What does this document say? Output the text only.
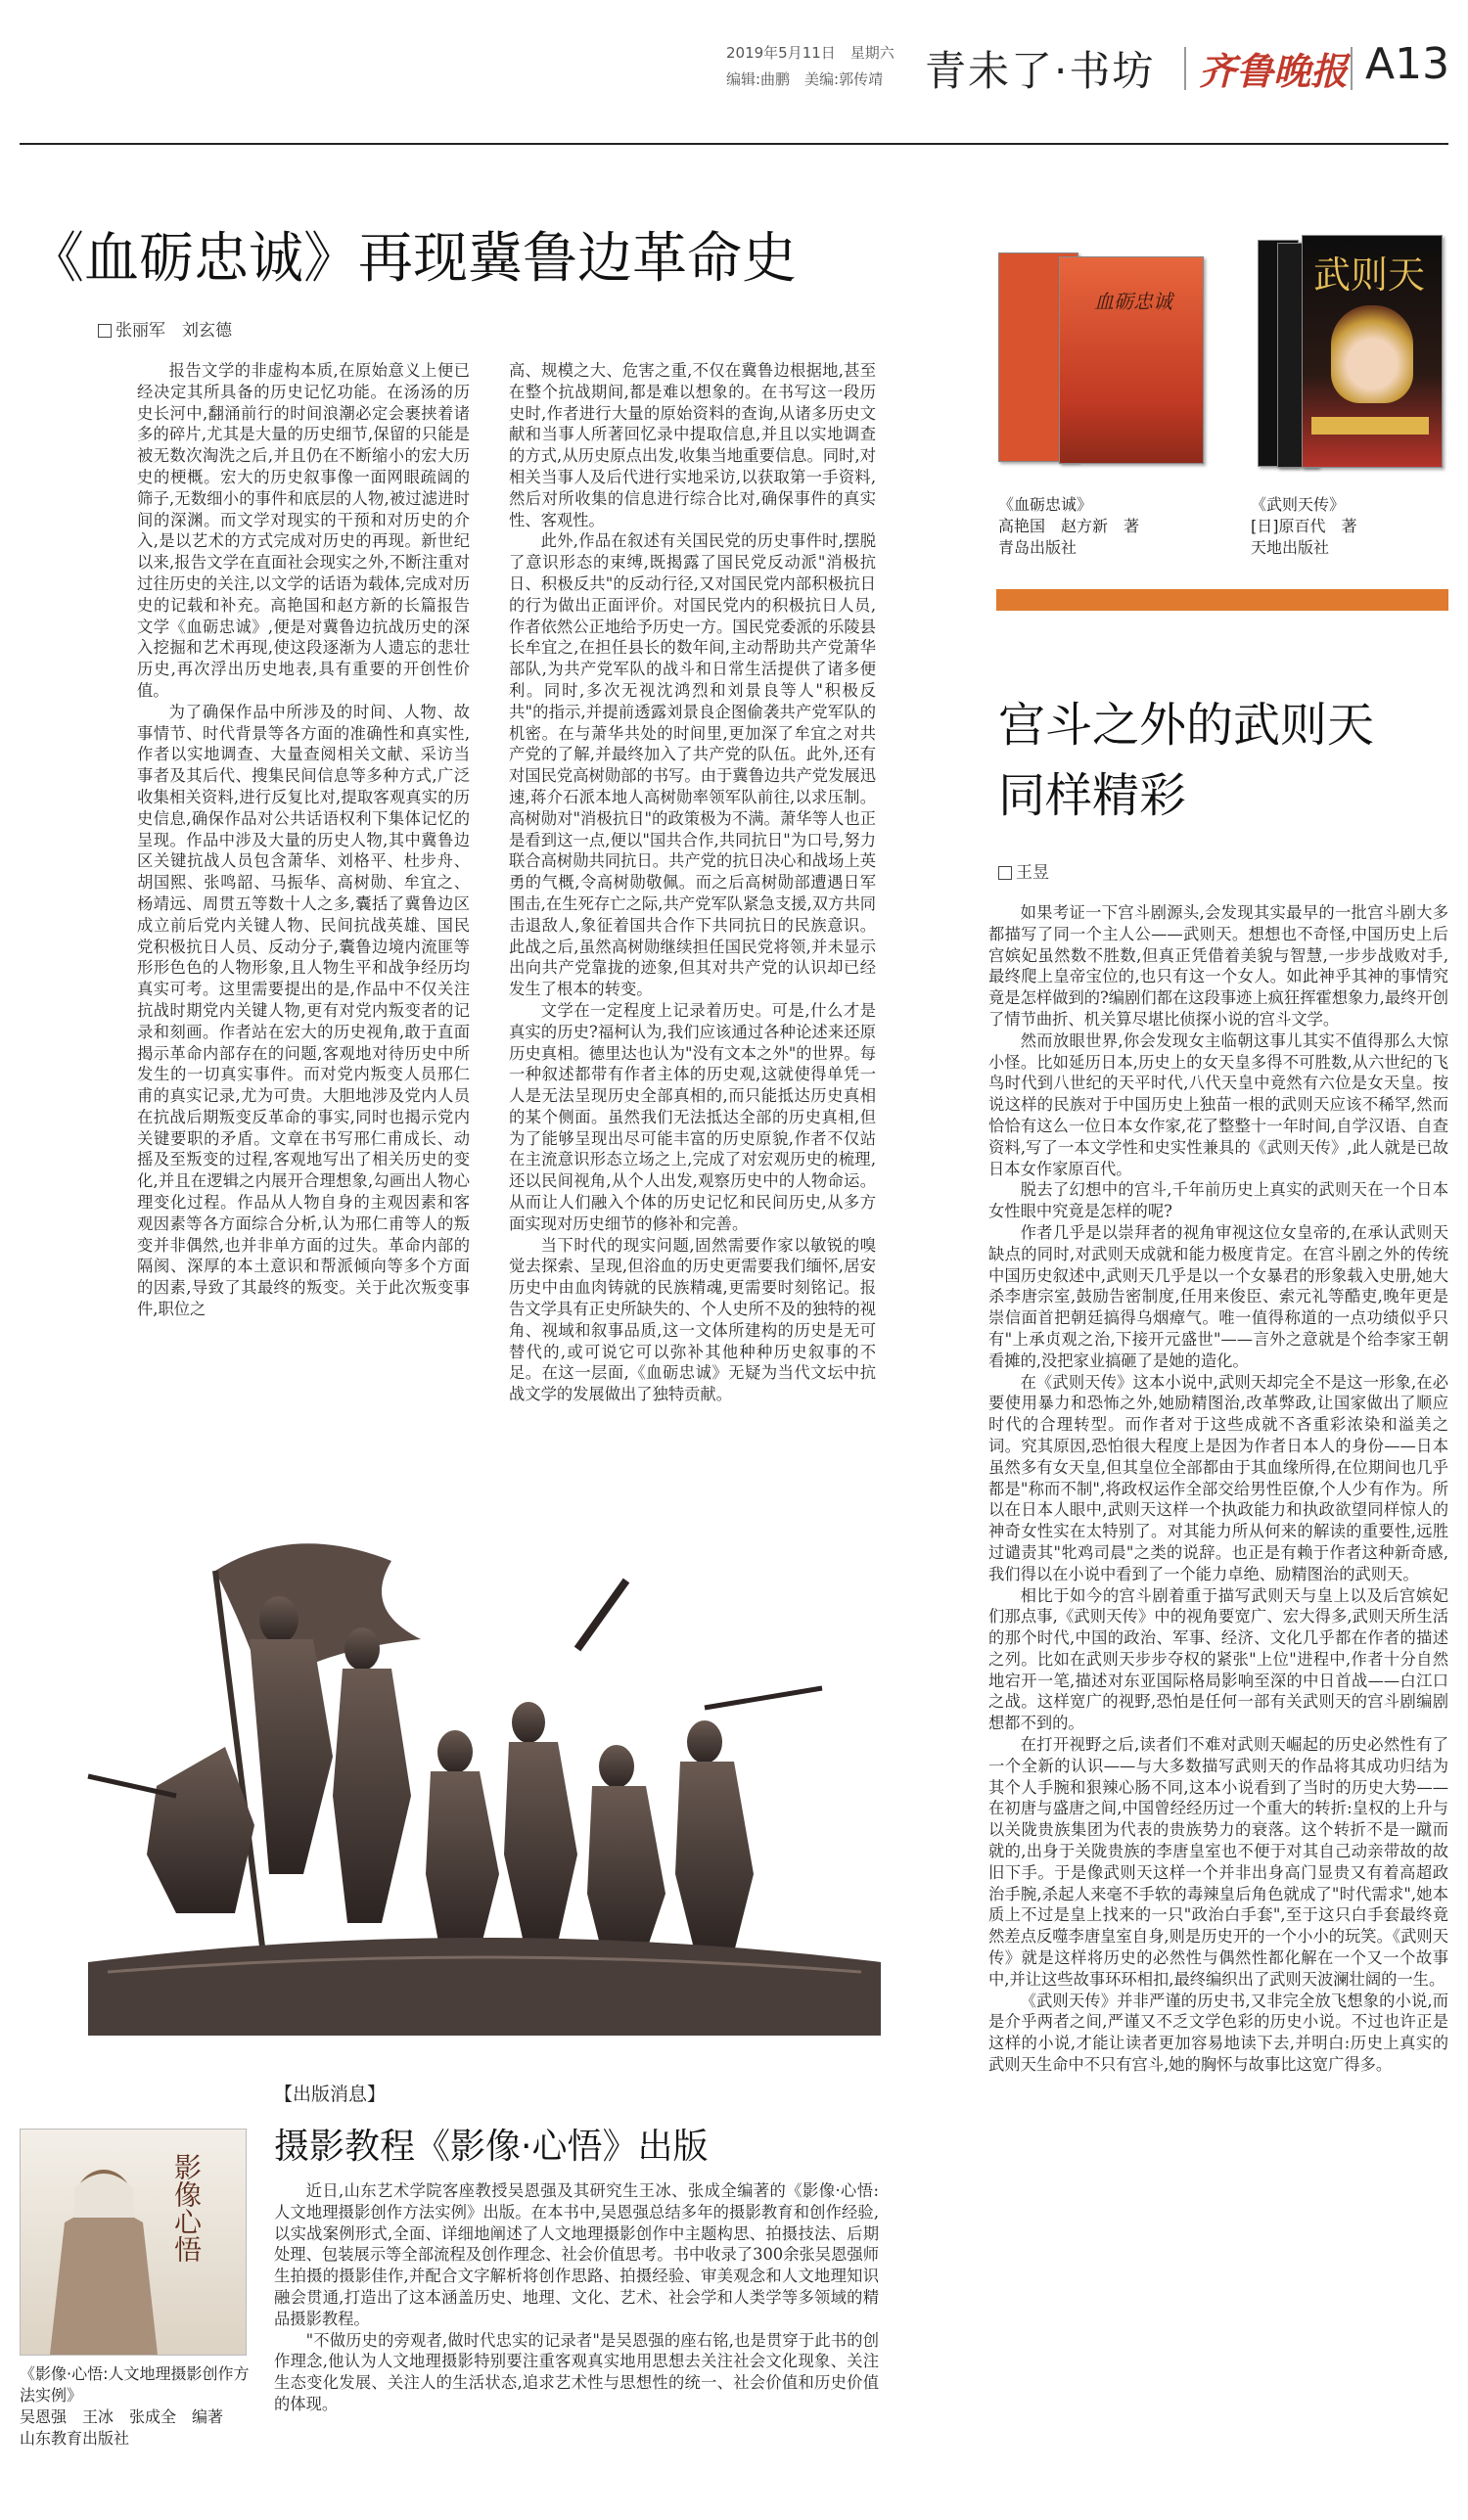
2019年5月11日　星期六
编辑:曲鹏　美编:郭传靖 青未了·书坊 齐鲁晚报 A13
《血砺忠诚》再现冀鲁边革命史
张丽军　刘玄德

报告文学的非虚构本质,在原始意义上便已经决定其所具备的历史记忆功能。在汤汤的历史长河中,翻涌前行的时间浪潮必定会裹挟着诸多的碎片,尤其是大量的历史细节,保留的只能是被无数次淘洗之后,并且仍在不断缩小的宏大历史的梗概。宏大的历史叙事像一面网眼疏阔的筛子,无数细小的事件和底层的人物,被过滤进时间的深渊。而文学对现实的干预和对历史的介入,是以艺术的方式完成对历史的再现。新世纪以来,报告文学在直面社会现实之外,不断注重对过往历史的关注,以文学的话语为载体,完成对历史的记载和补充。高艳国和赵方新的长篇报告文学《血砺忠诚》,便是对冀鲁边抗战历史的深入挖掘和艺术再现,使这段逐渐为人遗忘的悲壮历史,再次浮出历史地表,具有重要的开创性价值。

为了确保作品中所涉及的时间、人物、故事情节、时代背景等各方面的准确性和真实性,作者以实地调查、大量查阅相关文献、采访当事者及其后代、搜集民间信息等多种方式,广泛收集相关资料,进行反复比对,提取客观真实的历史信息,确保作品对公共话语权利下集体记忆的呈现。作品中涉及大量的历史人物,其中冀鲁边区关键抗战人员包含萧华、刘格平、杜步舟、胡国熙、张鸣韶、马振华、高树勋、牟宜之、杨靖远、周贯五等数十人之多,囊括了冀鲁边区成立前后党内关键人物、民间抗战英雄、国民党积极抗日人员、反动分子,囊鲁边境内流匪等形形色色的人物形象,且人物生平和战争经历均真实可考。这里需要提出的是,作品中不仅关注抗战时期党内关键人物,更有对党内叛变者的记录和刻画。作者站在宏大的历史视角,敢于直面揭示革命内部存在的问题,客观地对待历史中所发生的一切真实事件。而对党内叛变人员邢仁甫的真实记录,尤为可贵。大胆地涉及党内人员在抗战后期叛变反革命的事实,同时也揭示党内关键要职的矛盾。文章在书写邢仁甫成长、动摇及至叛变的过程,客观地写出了相关历史的变化,并且在逻辑之内展开合理想象,勾画出人物心理变化过程。作品从人物自身的主观因素和客观因素等各方面综合分析,认为邢仁甫等人的叛变并非偶然,也并非单方面的过失。革命内部的隔阂、深厚的本土意识和帮派倾向等多个方面的因素,导致了其最终的叛变。关于此次叛变事件,职位之

高、规模之大、危害之重,不仅在冀鲁边根据地,甚至在整个抗战期间,都是难以想象的。在书写这一段历史时,作者进行大量的原始资料的查询,从诸多历史文献和当事人所著回忆录中提取信息,并且以实地调查的方式,从历史原点出发,收集当地重要信息。同时,对相关当事人及后代进行实地采访,以获取第一手资料,然后对所收集的信息进行综合比对,确保事件的真实性、客观性。

此外,作品在叙述有关国民党的历史事件时,摆脱了意识形态的束缚,既揭露了国民党反动派"消极抗日、积极反共"的反动行径,又对国民党内部积极抗日的行为做出正面评价。对国民党内的积极抗日人员,作者依然公正地给予历史一方。国民党委派的乐陵县长牟宜之,在担任县长的数年间,主动帮助共产党萧华部队,为共产党军队的战斗和日常生活提供了诸多便利。同时,多次无视沈鸿烈和刘景良等人"积极反共"的指示,并提前透露刘景良企图偷袭共产党军队的机密。在与萧华共处的时间里,更加深了牟宜之对共产党的了解,并最终加入了共产党的队伍。此外,还有对国民党高树勋部的书写。由于冀鲁边共产党发展迅速,蒋介石派本地人高树勋率领军队前往,以求压制。高树勋对"消极抗日"的政策极为不满。萧华等人也正是看到这一点,便以"国共合作,共同抗日"为口号,努力联合高树勋共同抗日。共产党的抗日决心和战场上英勇的气概,令高树勋敬佩。而之后高树勋部遭遇日军围击,在生死存亡之际,共产党军队紧急支援,双方共同击退敌人,象征着国共合作下共同抗日的民族意识。此战之后,虽然高树勋继续担任国民党将领,并未显示出向共产党靠拢的迹象,但其对共产党的认识却已经发生了根本的转变。

文学在一定程度上记录着历史。可是,什么才是真实的历史?福柯认为,我们应该通过各种论述来还原历史真相。德里达也认为"没有文本之外"的世界。每一种叙述都带有作者主体的历史观,这就使得单凭一人是无法呈现历史全部真相的,而只能抵达历史真相的某个侧面。虽然我们无法抵达全部的历史真相,但为了能够呈现出尽可能丰富的历史原貌,作者不仅站在主流意识形态立场之上,完成了对宏观历史的梳理,还以民间视角,从个人出发,观察历史中的人物命运。从而让人们融入个体的历史记忆和民间历史,从多方面实现对历史细节的修补和完善。

当下时代的现实问题,固然需要作家以敏锐的嗅觉去探索、呈现,但浴血的历史更需要我们缅怀,居安历史中由血肉铸就的民族精魂,更需要时刻铭记。报告文学具有正史所缺失的、个人史所不及的独特的视角、视域和叙事品质,这一文体所建构的历史是无可替代的,或可说它可以弥补其他种种历史叙事的不足。在这一层面,《血砺忠诚》无疑为当代文坛中抗战文学的发展做出了独特贡献。

血砺忠诚
武则天
《血砺忠诚》
高艳国　赵方新　著
青岛出版社
《武则天传》
[日]原百代　著
天地出版社
宫斗之外的武则天
同样精彩
王昱

如果考证一下宫斗剧源头,会发现其实最早的一批宫斗剧大多都描写了同一个主人公——武则天。想想也不奇怪,中国历史上后宫嫔妃虽然数不胜数,但真正凭借着美貌与智慧,一步步战败对手,最终爬上皇帝宝位的,也只有这一个女人。如此神乎其神的事情究竟是怎样做到的?编剧们都在这段事迹上疯狂挥霍想象力,最终开创了情节曲折、机关算尽堪比侦探小说的宫斗文学。

然而放眼世界,你会发现女主临朝这事儿其实不值得那么大惊小怪。比如延历日本,历史上的女天皇多得不可胜数,从六世纪的飞鸟时代到八世纪的天平时代,八代天皇中竟然有六位是女天皇。按说这样的民族对于中国历史上独苗一根的武则天应该不稀罕,然而恰恰有这么一位日本女作家,花了整整十一年时间,自学汉语、自查资料,写了一本文学性和史实性兼具的《武则天传》,此人就是已故日本女作家原百代。

脱去了幻想中的宫斗,千年前历史上真实的武则天在一个日本女性眼中究竟是怎样的呢?

作者几乎是以崇拜者的视角审视这位女皇帝的,在承认武则天缺点的同时,对武则天成就和能力极度肯定。在宫斗剧之外的传统中国历史叙述中,武则天几乎是以一个女暴君的形象载入史册,她大杀李唐宗室,鼓励告密制度,任用来俊臣、索元礼等酷吏,晚年更是崇信面首把朝廷搞得乌烟瘴气。唯一值得称道的一点功绩似乎只有"上承贞观之治,下接开元盛世"——言外之意就是个给李家王朝看摊的,没把家业搞砸了是她的造化。

在《武则天传》这本小说中,武则天却完全不是这一形象,在必要使用暴力和恐怖之外,她励精图治,改革弊政,让国家做出了顺应时代的合理转型。而作者对于这些成就不吝重彩浓染和溢美之词。究其原因,恐怕很大程度上是因为作者日本人的身份——日本虽然多有女天皇,但其皇位全部都由于其血缘所得,在位期间也几乎都是"称而不制",将政权运作全部交给男性臣僚,个人少有作为。所以在日本人眼中,武则天这样一个执政能力和执政欲望同样惊人的神奇女性实在太特别了。对其能力所从何来的解读的重要性,远胜过谴责其"牝鸡司晨"之类的说辞。也正是有赖于作者这种新奇感,我们得以在小说中看到了一个能力卓绝、励精图治的武则天。

相比于如今的宫斗剧着重于描写武则天与皇上以及后宫嫔妃们那点事,《武则天传》中的视角要宽广、宏大得多,武则天所生活的那个时代,中国的政治、军事、经济、文化几乎都在作者的描述之列。比如在武则天步步夺权的紧张"上位"进程中,作者十分自然地宕开一笔,描述对东亚国际格局影响至深的中日首战——白江口之战。这样宽广的视野,恐怕是任何一部有关武则天的宫斗剧编剧想都不到的。

在打开视野之后,读者们不难对武则天崛起的历史必然性有了一个全新的认识——与大多数描写武则天的作品将其成功归结为其个人手腕和狠辣心肠不同,这本小说看到了当时的历史大势——在初唐与盛唐之间,中国曾经经历过一个重大的转折:皇权的上升与以关陇贵族集团为代表的贵族势力的衰落。这个转折不是一蹴而就的,出身于关陇贵族的李唐皇室也不便于对其自己动亲带故的故旧下手。于是像武则天这样一个并非出身高门显贵又有着高超政治手腕,杀起人来毫不手软的毒辣皇后角色就成了"时代需求",她本质上不过是皇上找来的一只"政治白手套",至于这只白手套最终竟然差点反噬李唐皇室自身,则是历史开的一个小小的玩笑。《武则天传》就是这样将历史的必然性与偶然性都化解在一个又一个故事中,并让这些故事环环相扣,最终编织出了武则天波澜壮阔的一生。

《武则天传》并非严谨的历史书,又非完全放飞想象的小说,而是介乎两者之间,严谨又不乏文学色彩的历史小说。不过也许正是这样的小说,才能让读者更加容易地读下去,并明白:历史上真实的武则天生命中不只有宫斗,她的胸怀与故事比这宽广得多。

【出版消息】
摄影教程《影像·心悟》出版
影像心悟
《影像·心悟:人文地理摄影创作方法实例》
吴恩强　王冰　张成全　编著
山东教育出版社

近日,山东艺术学院客座教授吴恩强及其研究生王冰、张成全编著的《影像·心悟:人文地理摄影创作方法实例》出版。在本书中,吴恩强总结多年的摄影教育和创作经验,以实战案例形式,全面、详细地阐述了人文地理摄影创作中主题构思、拍摄技法、后期处理、包装展示等全部流程及创作理念、社会价值思考。书中收录了300余张吴恩强师生拍摄的摄影佳作,并配合文字解析将创作思路、拍摄经验、审美观念和人文地理知识融会贯通,打造出了这本涵盖历史、地理、文化、艺术、社会学和人类学等多领域的精品摄影教程。

"不做历史的旁观者,做时代忠实的记录者"是吴恩强的座右铭,也是贯穿于此书的创作理念,他认为人文地理摄影特别要注重客观真实地用思想去关注社会文化现象、关注生态变化发展、关注人的生活状态,追求艺术性与思想性的统一、社会价值和历史价值的体现。
